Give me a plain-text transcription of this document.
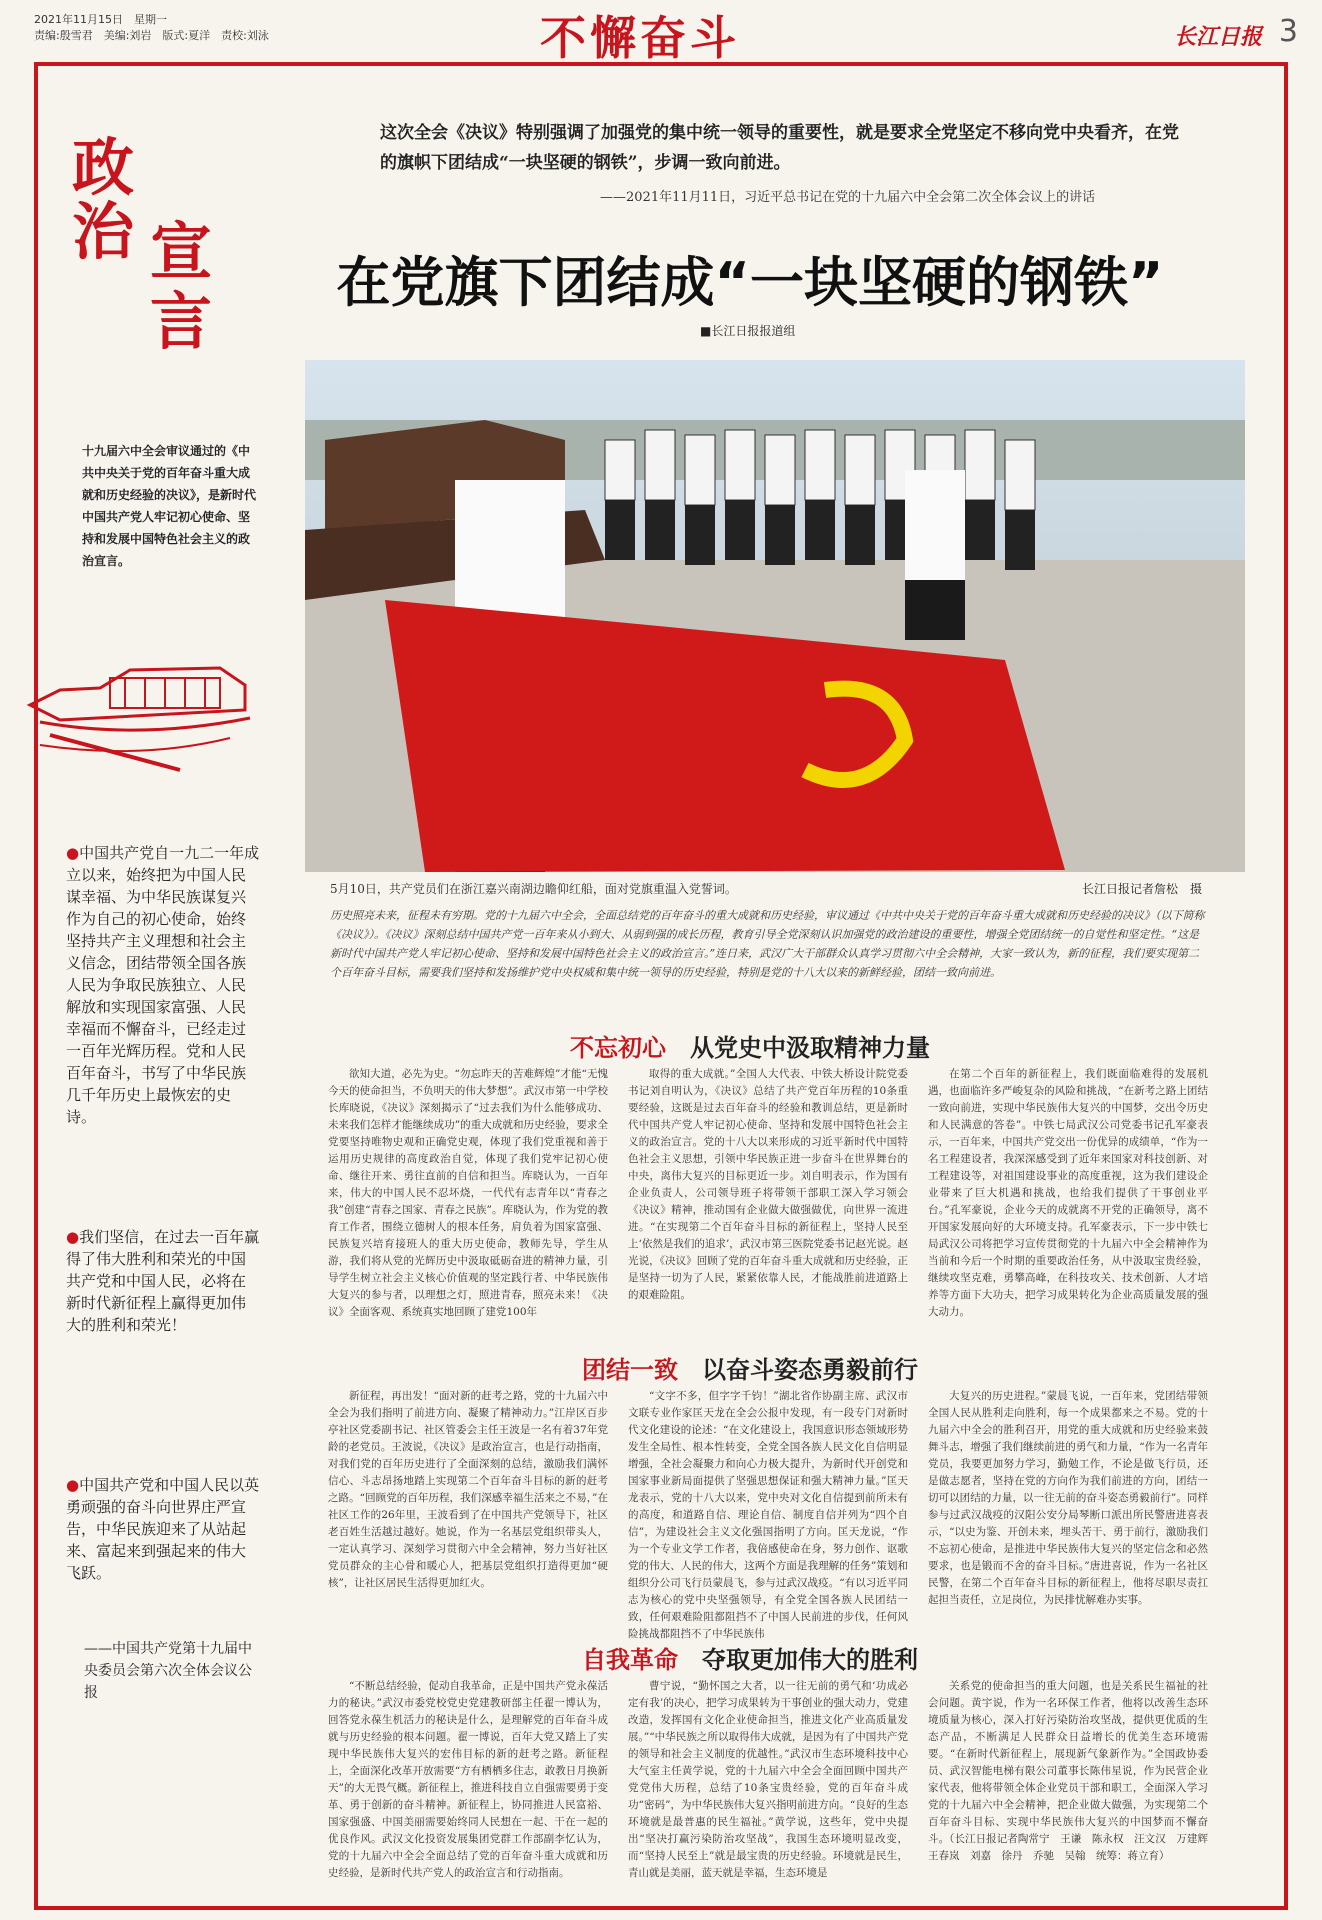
2021年11月15日　星期一
责编:殷雪君　美编:刘岩　版式:夏洋　责校:刘泳	不懈奋斗	长江日报 3
这次全会《决议》特别强调了加强党的集中统一领导的重要性，就是要求全党坚定不移向党中央看齐，在党的旗帜下团结成“一块坚硬的钢铁”，步调一致向前进。
——2021年11月11日，习近平总书记在党的十九届六中全会第二次全体会议上的讲话
政
治 宣
言
十九届六中全会审议通过的《中共中央关于党的百年奋斗重大成就和历史经验的决议》，是新时代中国共产党人牢记初心使命、坚持和发展中国特色社会主义的政治宣言。
●中国共产党自一九二一年成立以来，始终把为中国人民谋幸福、为中华民族谋复兴作为自己的初心使命，始终坚持共产主义理想和社会主义信念，团结带领全国各族人民为争取民族独立、人民解放和实现国家富强、人民幸福而不懈奋斗，已经走过一百年光辉历程。党和人民百年奋斗，书写了中华民族几千年历史上最恢宏的史诗。
●我们坚信，在过去一百年赢得了伟大胜利和荣光的中国共产党和中国人民，必将在新时代新征程上赢得更加伟大的胜利和荣光！
●中国共产党和中国人民以英勇顽强的奋斗向世界庄严宣告，中华民族迎来了从站起来、富起来到强起来的伟大飞跃。
——中国共产党第十九届中央委员会第六次全体会议公报
在党旗下团结成“一块坚硬的钢铁”
■长江日报报道组
5月10日，共产党员们在浙江嘉兴南湖边瞻仰红船，面对党旗重温入党誓词。	长江日报记者詹松　摄
历史照亮未来，征程未有穷期。党的十九届六中全会，全面总结党的百年奋斗的重大成就和历史经验，审议通过《中共中央关于党的百年奋斗重大成就和历史经验的决议》（以下简称《决议》）。《决议》深刻总结中国共产党一百年来从小到大、从弱到强的成长历程，教育引导全党深刻认识加强党的政治建设的重要性，增强全党团结统一的自觉性和坚定性。“这是新时代中国共产党人牢记初心使命、坚持和发展中国特色社会主义的政治宣言。”连日来，武汉广大干部群众认真学习贯彻六中全会精神，大家一致认为，新的征程，我们要实现第二个百年奋斗目标，需要我们坚持和发扬维护党中央权威和集中统一领导的历史经验，特别是党的十八大以来的新鲜经验，团结一致向前进。
不忘初心　 从党史中汲取精神力量

欲知大道，必先为史。“勿忘昨天的苦难辉煌”才能“无愧今天的使命担当，不负明天的伟大梦想”。武汉市第一中学校长库晓说，《决议》深刻揭示了“过去我们为什么能够成功、未来我们怎样才能继续成功”的重大成就和历史经验，要求全党要坚持唯物史观和正确党史观，体现了我们党重视和善于运用历史规律的高度政治自觉，体现了我们党牢记初心使命、继往开来、勇往直前的自信和担当。库晓认为，一百年来，伟大的中国人民不忍坏烧，一代代有志青年以“青春之我”创建“青春之国家、青春之民族”。库晓认为，作为党的教育工作者，围绕立德树人的根本任务，肩负着为国家富强、民族复兴培育接班人的重大历史使命，教师先导，学生从游，我们将从党的光辉历史中汲取砥砺奋进的精神力量，引导学生树立社会主义核心价值观的坚定践行者、中华民族伟大复兴的参与者，以理想之灯，照进青春，照亮未来！《决议》全面客观、系统真实地回顾了建党100年

取得的重大成就。”全国人大代表、中铁大桥设计院党委书记刘自明认为，《决议》总结了共产党百年历程的10条重要经验，这既是过去百年奋斗的经验和教训总结，更是新时代中国共产党人牢记初心使命、坚持和发展中国特色社会主义的政治宣言。党的十八大以来形成的习近平新时代中国特色社会主义思想，引领中华民族正进一步奋斗在世界舞台的中央，离伟大复兴的目标更近一步。刘自明表示，作为国有企业负责人，公司领导班子将带领干部职工深入学习领会《决议》精神，推动国有企业做大做强做优，向世界一流进进。“在实现第二个百年奋斗目标的新征程上，坚持人民至上‘依然是我们的追求’，武汉市第三医院党委书记赵光说。赵光说，《决议》回顾了党的百年奋斗重大成就和历史经验，正是坚持一切为了人民，紧紧依靠人民，才能战胜前进道路上的艰难险阻。

在第二个百年的新征程上，我们既面临难得的发展机遇，也面临许多严峻复杂的风险和挑战，“在新考之路上团结一致向前进，实现中华民族伟大复兴的中国梦，交出令历史和人民满意的答卷”。中铁七局武汉公司党委书记孔军豪表示，一百年来，中国共产党交出一份优异的成绩单，“作为一名工程建设者，我深深感受到了近年来国家对科技创新、对工程建设等，对祖国建设事业的高度重视，这为我们建设企业带来了巨大机遇和挑战，也给我们提供了干事创业平台。”孔军豪说，企业今天的成就离不开党的正确领导，离不开国家发展向好的大环境支持。孔军豪表示，下一步中铁七局武汉公司将把学习宣传贯彻党的十九届六中全会精神作为当前和今后一个时期的重要政治任务，从中汲取宝贵经验，继续攻坚克难，勇攀高峰，在科技攻关、技术创新、人才培养等方面下大功夫，把学习成果转化为企业高质量发展的强大动力。

团结一致　 以奋斗姿态勇毅前行

新征程，再出发！“面对新的赶考之路，党的十九届六中全会为我们指明了前进方向、凝聚了精神动力。”江岸区百步亭社区党委副书记、社区管委会主任王波是一名有着37年党龄的老党员。王波说，《决议》是政治宣言，也是行动指南，对我们党的百年历史进行了全面深刻的总结，激励我们满怀信心、斗志昂扬地踏上实现第二个百年奋斗目标的新的赶考之路。“回顾党的百年历程，我们深感幸福生活来之不易，”在社区工作的26年里，王波看到了在中国共产党领导下，社区老百姓生活越过越好。她说，作为一名基层党组织带头人，一定认真学习、深刻学习贯彻六中全会精神，努力当好社区党员群众的主心骨和暖心人，把基层党组织打造得更加“硬核”，让社区居民生活得更加红火。

“文字不多，但字字千钧！”湖北省作协副主席、武汉市文联专业作家匡天龙在全会公报中发现，有一段专门对新时代文化建设的论述：“在文化建设上，我国意识形态领域形势发生全局性、根本性转变，全党全国各族人民文化自信明显增强，全社会凝聚力和向心力极大提升，为新时代开创党和国家事业新局面提供了坚强思想保证和强大精神力量。”匡天龙表示，党的十八大以来，党中央对文化自信提到前所未有的高度，和道路自信、理论自信、制度自信并列为“四个自信”，为建设社会主义文化强国指明了方向。匡天龙说，“作为一个专业文学工作者，我倍感使命在身，努力创作、讴歌党的伟大、人民的伟大，这两个方面是我理解的任务”策划和组织分公司飞行员蒙晨飞，参与过武汉战疫。“有以习近平同志为核心的党中央坚强领导，有全党全国各族人民团结一致，任何艰难险阻都阻挡不了中国人民前进的步伐，任何风险挑战都阻挡不了中华民族伟

大复兴的历史进程。”蒙晨飞说，一百年来，党团结带领全国人民从胜利走向胜利，每一个成果都来之不易。党的十九届六中全会的胜利召开，用党的重大成就和历史经验来鼓舞斗志，增强了我们继续前进的勇气和力量，“作为一名青年党员，我要更加努力学习，勤勉工作，不论是做飞行员，还是做志愿者，坚持在党的方向作为我们前进的方向，团结一切可以团结的力量，以一往无前的奋斗姿态勇毅前行”。同样参与过武汉战疫的汉阳公安分局琴断口派出所民警唐进喜表示，“以史为鉴、开创未来，埋头苦干、勇于前行，激励我们不忘初心使命，是推进中华民族伟大复兴的坚定信念和必然要求，也是锻而不舍的奋斗目标。”唐进喜说，作为一名社区民警，在第二个百年奋斗目标的新征程上，他将尽职尽责扛起担当责任，立足岗位，为民排忧解难办实事。

自我革命　 夺取更加伟大的胜利

“不断总结经验，促动自我革命，正是中国共产党永葆活力的秘诀。”武汉市委党校党史党建教研部主任翟一博认为，回答党永葆生机活力的秘诀是什么，是理解党的百年奋斗成就与历史经验的根本问题。翟一博说，百年大党又踏上了实现中华民族伟大复兴的宏伟目标的新的赶考之路。新征程上，全面深化改革开放需要“方有栖栖多住志，敢教日月换新天”的大无畏气概。新征程上，推进科技自立自强需要勇于变革、勇于创新的奋斗精神。新征程上，协同推进人民富裕、国家强盛、中国美丽需要始终同人民想在一起、干在一起的优良作风。武汉文化投资发展集团党群工作部副李忆认为，党的十九届六中全会全面总结了党的百年奋斗重大成就和历史经验，是新时代共产党人的政治宣言和行动指南。

曹宁说，“勤怀国之大者，以一往无前的勇气和‘功成必定有我’的决心，把学习成果转为干事创业的强大动力，党建改造，发挥国有文化企业使命担当，推进文化产业高质量发展。”“中华民族之所以取得伟大成就，是因为有了中国共产党的领导和社会主义制度的优越性。”武汉市生态环境科技中心大气室主任黄学说，党的十九届六中全会全面回顾中国共产党党伟大历程，总结了10条宝贵经验，党的百年奋斗成功“密码”，为中华民族伟大复兴指明前进方向。“良好的生态环境就是最普惠的民生福祉。”黄学说，这些年，党中央提出“坚决打赢污染防治攻坚战”，我国生态环境明显改变，而“坚持人民至上”就是最宝贵的历史经验。环境就是民生，青山就是美丽，蓝天就是幸福，生态环境是

关系党的使命担当的重大问题，也是关系民生福祉的社会问题。黄宇说，作为一名环保工作者，他将以改善生态环境质量为核心，深入打好污染防治攻坚战，提供更优质的生态产品，不断满足人民群众日益增长的优美生态环境需要。“在新时代新征程上，展现新气象新作为。”全国政协委员、武汉智能电梯有限公司董事长陈伟星说，作为民营企业家代表，他将带领全体企业党员干部和职工，全面深入学习党的十九届六中全会精神，把企业做大做强，为实现第二个百年奋斗目标、实现中华民族伟大复兴的中国梦而不懈奋斗。（长江日报记者陶常宁　王谦　陈永权　汪文汉　万建辉　王春岚　刘嘉　徐丹　乔驰　吴翰　统筹：蒋立育）
